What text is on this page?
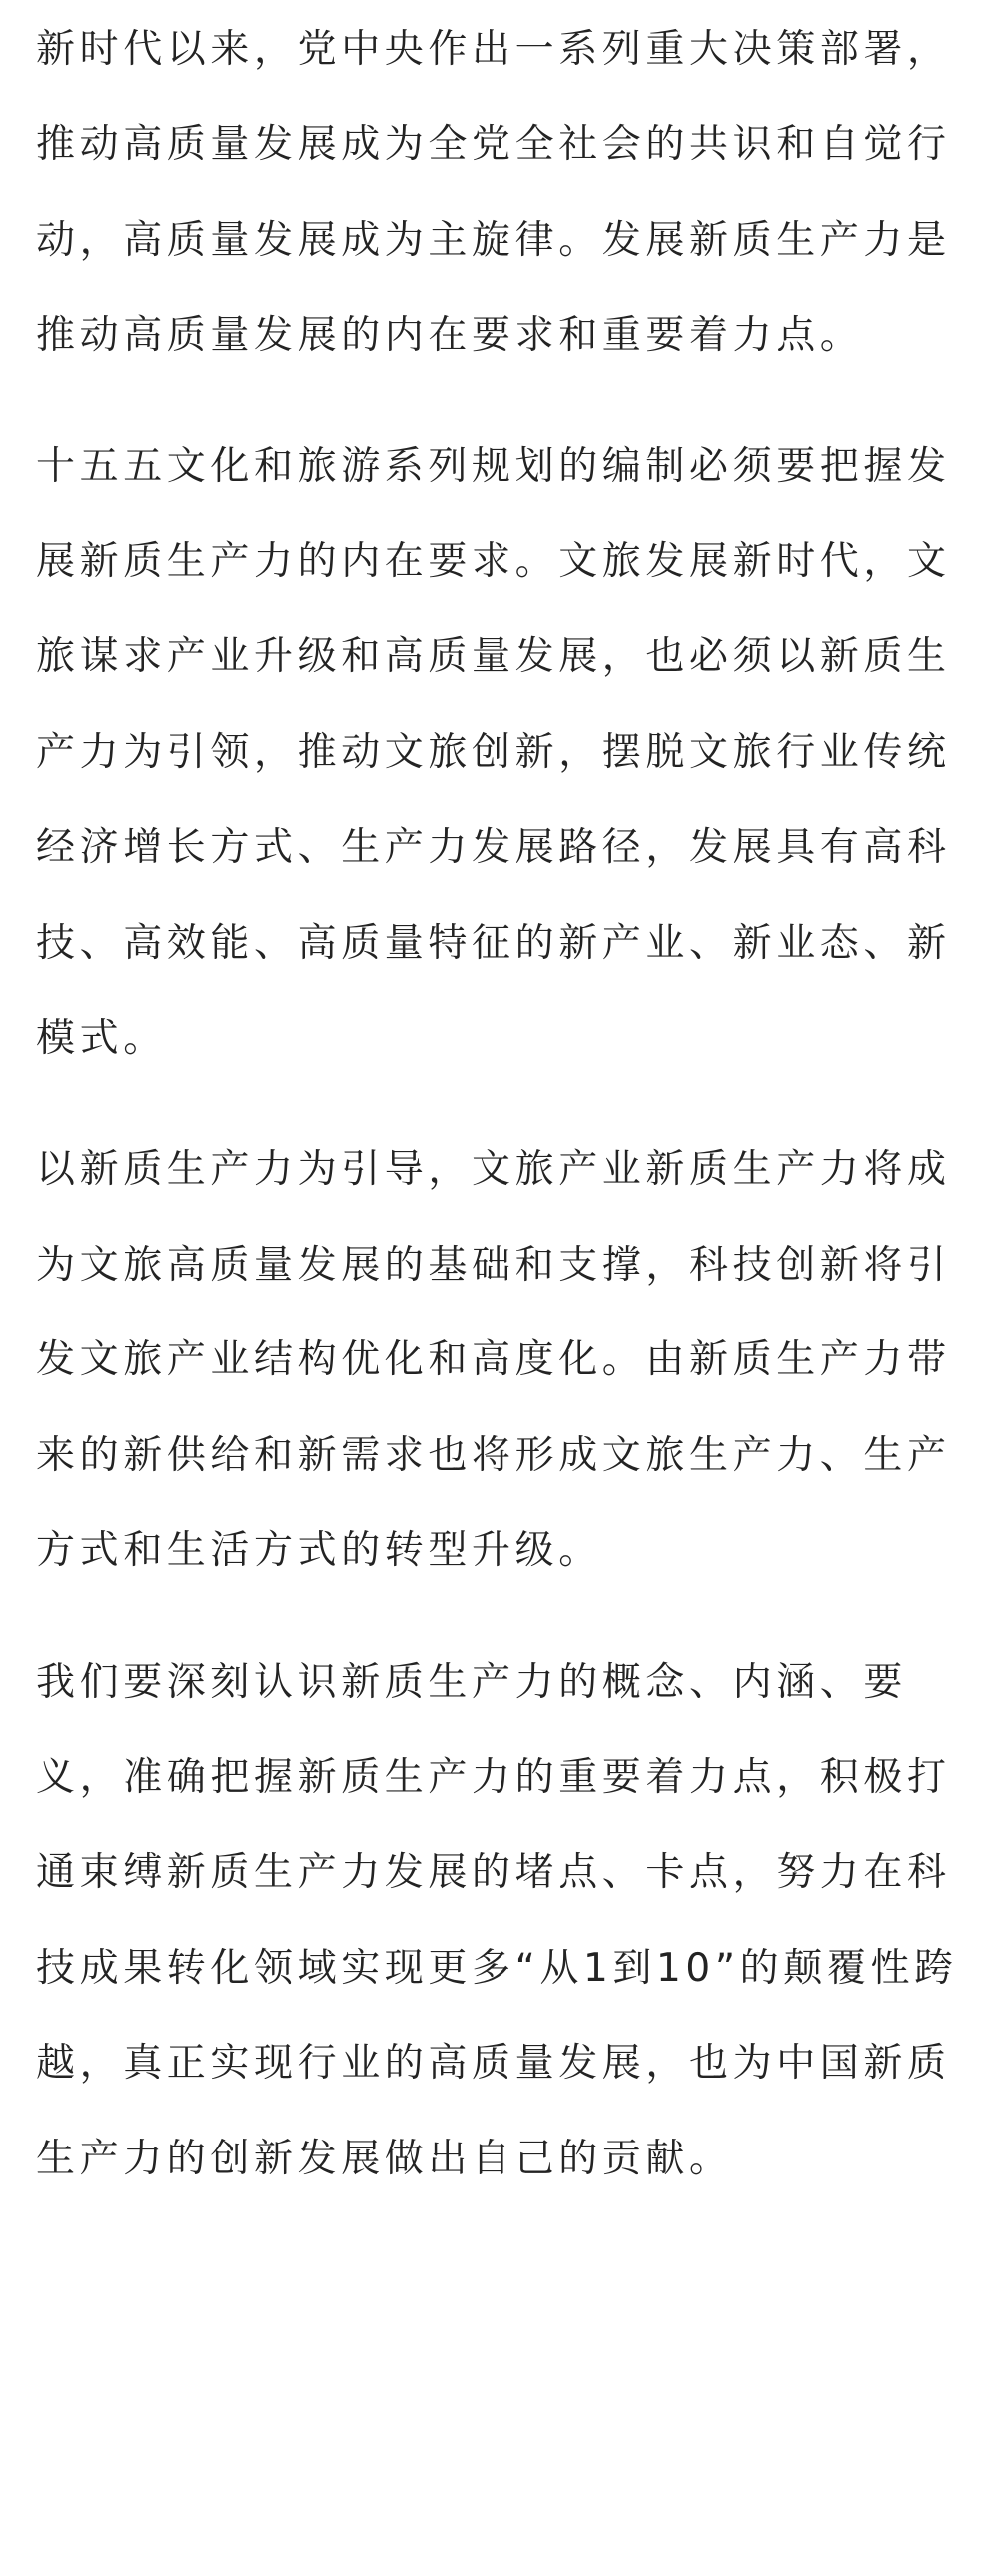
新时代以来，党中央作出一系列重大决策部署，推动高质量发展成为全党全社会的共识和自觉行动，高质量发展成为主旋律。发展新质生产力是推动高质量发展的内在要求和重要着力点。

十五五文化和旅游系列规划的编制必须要把握发展新质生产力的内在要求。文旅发展新时代，文旅谋求产业升级和高质量发展，也必须以新质生产力为引领，推动文旅创新，摆脱文旅行业传统经济增长方式、生产力发展路径，发展具有高科技、高效能、高质量特征的新产业、新业态、新模式。

以新质生产力为引导，文旅产业新质生产力将成为文旅高质量发展的基础和支撑，科技创新将引发文旅产业结构优化和高度化。由新质生产力带来的新供给和新需求也将形成文旅生产力、生产方式和生活方式的转型升级。

我们要深刻认识新质生产力的概念、内涵、要义，准确把握新质生产力的重要着力点，积极打通束缚新质生产力发展的堵点、卡点，努力在科技成果转化领域实现更多“从1到10”的颠覆性跨越，真正实现行业的高质量发展，也为中国新质生产力的创新发展做出自己的贡献。
